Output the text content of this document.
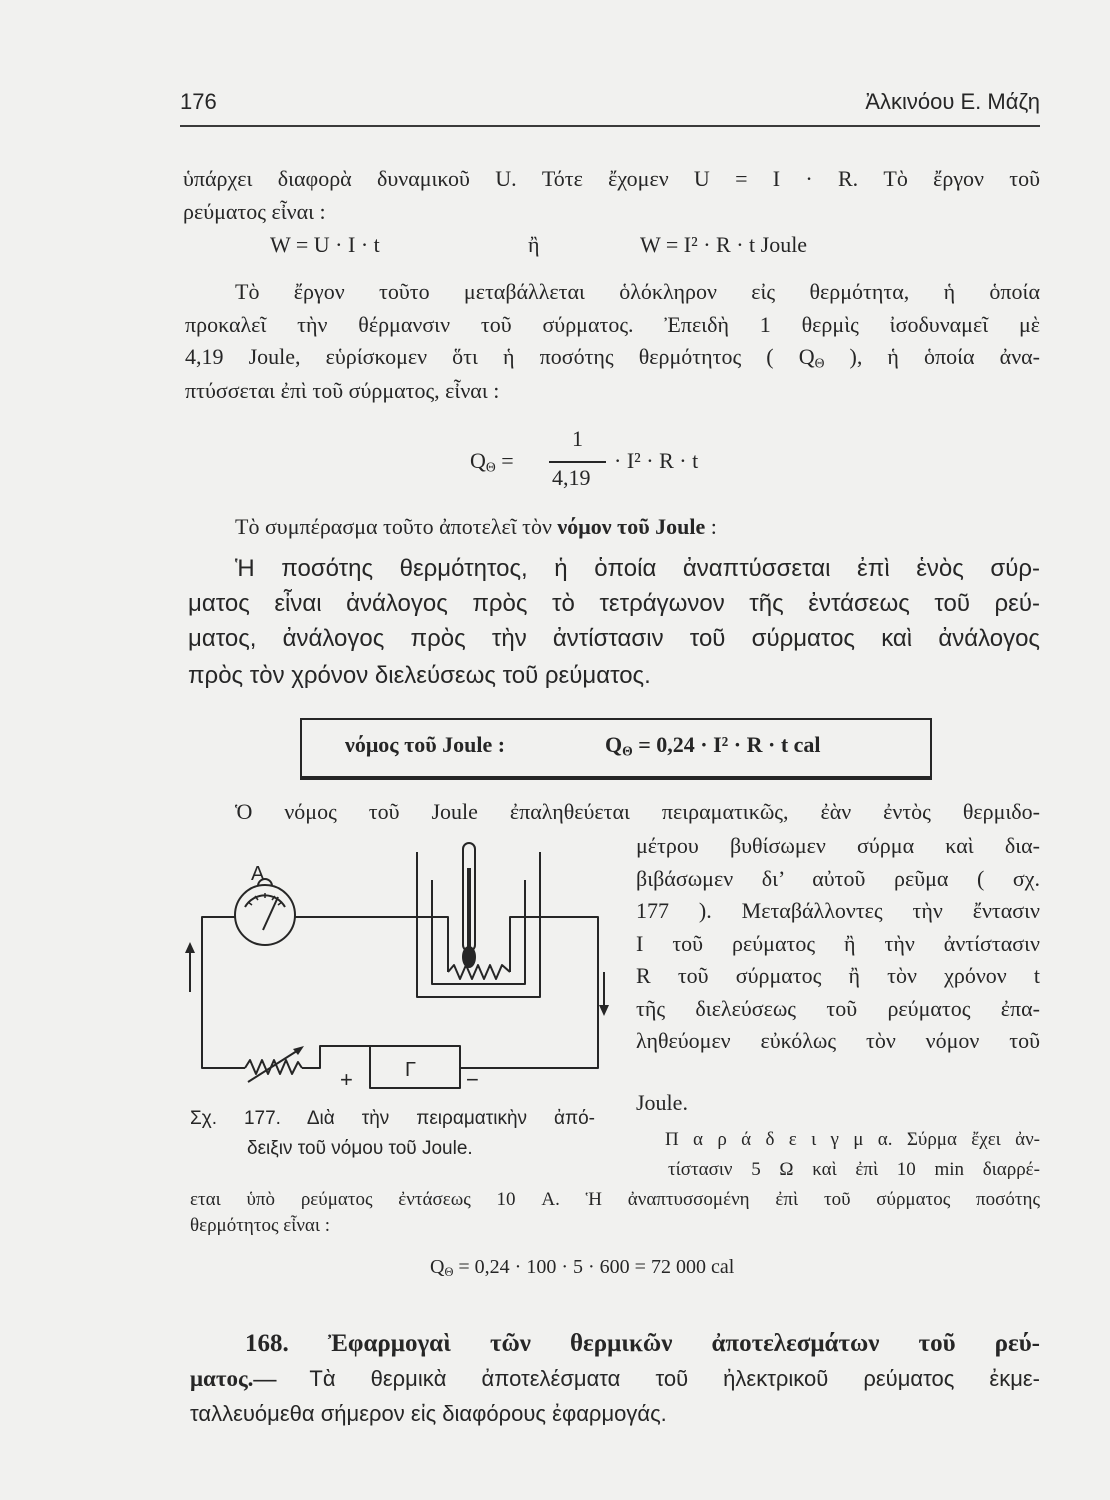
176	Ἀλκινόου Ε. Μάζη
ὑπάρχει διαφορὰ δυναμικοῦ U. Τότε ἔχομεν U = I · R. Τὸ ἔργον τοῦ
ρεύματος εἶναι :
W = U · I · t	ἢ	W = I² · R · t Joule
Τὸ ἔργον τοῦτο μεταβάλλεται ὁλόκληρον εἰς θερμότητα, ἡ ὁποία
προκαλεῖ τὴν θέρμανσιν τοῦ σύρματος. Ἐπειδὴ 1 θερμὶς ἰσοδυναμεῖ μὲ
4,19 Joule, εὑρίσκομεν ὅτι ἡ ποσότης θερμότητος ( $Q_\Theta$ ), ἡ ὁποία ἀνα-
πτύσσεται ἐπὶ τοῦ σύρματος, εἶναι :
$Q_\Theta$ =
1
4,19
· I² · R · t
Τὸ συμπέρασμα τοῦτο ἀποτελεῖ τὸν νόμον τοῦ Joule :
Ἡ ποσότης θερμότητος, ἡ ὁποία ἀναπτύσσεται ἐπὶ ἑνὸς σύρ-
ματος εἶναι ἀνάλογος πρὸς τὸ τετράγωνον τῆς ἐντάσεως τοῦ ρεύ-
ματος, ἀνάλογος πρὸς τὴν ἀντίστασιν τοῦ σύρματος καὶ ἀνάλογος
πρὸς τὸν χρόνον διελεύσεως τοῦ ρεύματος.
νόμος τοῦ Joule :	$Q_\Theta = 0,24 \cdot I^2 \cdot R \cdot t$ cal
Ὁ νόμος τοῦ Joule ἐπαληθεύεται πειραματικῶς, ἐὰν ἐντὸς θερμιδο-
μέτρου βυθίσωμεν σύρμα καὶ δια-
βιβάσωμεν δι’ αὐτοῦ ρεῦμα ( σχ.
177 ). Μεταβάλλοντες τὴν ἔντασιν
I τοῦ ρεύματος ἢ τὴν ἀντίστασιν
R τοῦ σύρματος ἢ τὸν χρόνον t
τῆς διελεύσεως τοῦ ρεύματος ἐπα-
ληθεύομεν εὐκόλως τὸν νόμον τοῦ
Joule.
A
Γ
+	−
Σχ. 177. Διὰ τὴν πειραματικὴν ἀπό-
δειξιν τοῦ νόμου τοῦ Joule.	Π α ρ ά δ ε ι γ μ α. Σύρμα ἔχει ἀν-
τίστασιν 5 Ω καὶ ἐπὶ 10 min διαρρέ-
εται ὑπὸ ρεύματος ἐντάσεως 10 A. Ἡ ἀναπτυσσομένη ἐπὶ τοῦ σύρματος ποσότης
θερμότητος εἶναι :
$Q_\Theta = 0,24 \cdot 100 \cdot 5 \cdot 600 = 72$ 000 cal
168. Ἐφαρμογαὶ τῶν θερμικῶν ἀποτελεσμάτων τοῦ ρεύ-
ματος.— Τὰ θερμικὰ ἀποτελέσματα τοῦ ἠλεκτρικοῦ ρεύματος ἐκμε-
ταλλευόμεθα σήμερον εἰς διαφόρους ἐφαρμογάς.
